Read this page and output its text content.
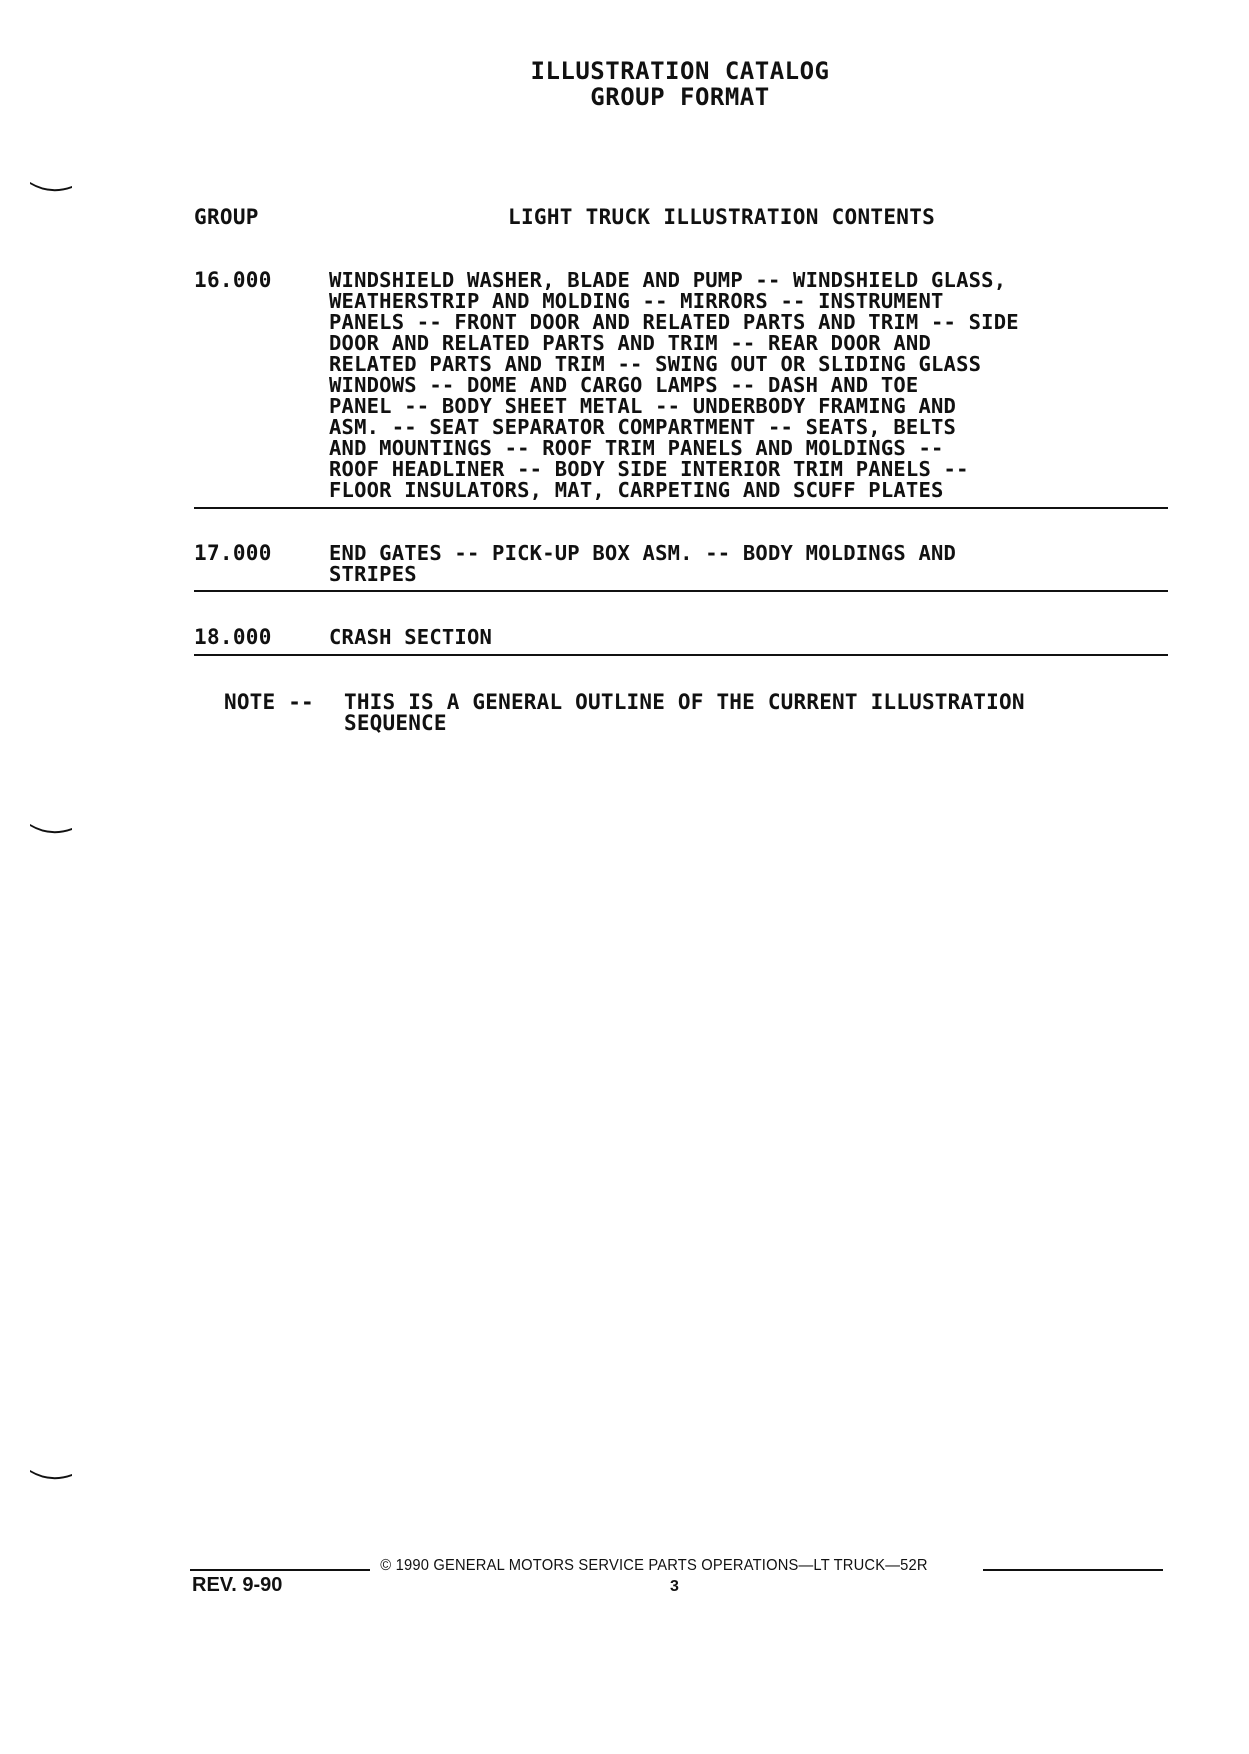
ILLUSTRATION CATALOG
GROUP FORMAT
GROUP	LIGHT TRUCK ILLUSTRATION CONTENTS
16.000	WINDSHIELD WASHER, BLADE AND PUMP -- WINDSHIELD GLASS,
WEATHERSTRIP AND MOLDING -- MIRRORS -- INSTRUMENT
PANELS -- FRONT DOOR AND RELATED PARTS AND TRIM -- SIDE
DOOR AND RELATED PARTS AND TRIM -- REAR DOOR AND
RELATED PARTS AND TRIM -- SWING OUT OR SLIDING GLASS
WINDOWS -- DOME AND CARGO LAMPS -- DASH AND TOE
PANEL -- BODY SHEET METAL -- UNDERBODY FRAMING AND
ASM. -- SEAT SEPARATOR COMPARTMENT -- SEATS, BELTS
AND MOUNTINGS -- ROOF TRIM PANELS AND MOLDINGS --
ROOF HEADLINER -- BODY SIDE INTERIOR TRIM PANELS --
FLOOR INSULATORS, MAT, CARPETING AND SCUFF PLATES
17.000	END GATES -- PICK-UP BOX ASM. -- BODY MOLDINGS AND
STRIPES
18.000	CRASH SECTION
NOTE -- THIS IS A GENERAL OUTLINE OF THE CURRENT ILLUSTRATION
SEQUENCE
© 1990 GENERAL MOTORS SERVICE PARTS OPERATIONS—LT TRUCK—52R
REV. 9-90	3
